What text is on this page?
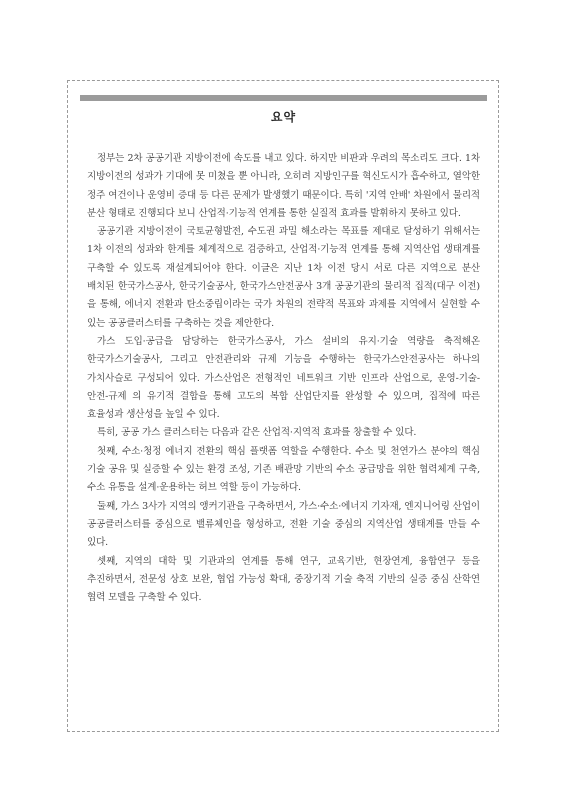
요약

정부는 2차 공공기관 지방이전에 속도를 내고 있다. 하지만 비판과 우려의 목소리도 크다. 1차 지방이전의 성과가 기대에 못 미쳤을 뿐 아니라, 오히려 지방인구를 혁신도시가 흡수하고, 열악한 정주 여건이나 운영비 증대 등 다른 문제가 발생했기 때문이다. 특히 '지역 안배' 차원에서 물리적 분산 형태로 진행되다 보니 산업적·기능적 연계를 통한 실질적 효과를 발휘하지 못하고 있다.

공공기관 지방이전이 국토균형발전, 수도권 과밀 해소라는 목표를 제대로 달성하기 위해서는 1차 이전의 성과와 한계를 체계적으로 검증하고, 산업적·기능적 연계를 통해 지역산업 생태계를 구축할 수 있도록 재설계되어야 한다. 이글은 지난 1차 이전 당시 서로 다른 지역으로 분산 배치된 한국가스공사, 한국기술공사, 한국가스안전공사 3개 공공기관의 물리적 집적(대구 이전)을 통해, 에너지 전환과 탄소중립이라는 국가 차원의 전략적 목표와 과제를 지역에서 실현할 수 있는 공공클러스터를 구축하는 것을 제안한다.

가스 도입·공급을 담당하는 한국가스공사, 가스 설비의 유지·기술 역량을 축적해온 한국가스기술공사, 그리고 안전관리와 규제 기능을 수행하는 한국가스안전공사는 하나의 가치사슬로 구성되어 있다. 가스산업은 전형적인 네트워크 기반 인프라 산업으로, 운영-기술-안전-규제 의 유기적 결합을 통해 고도의 복합 산업단지를 완성할 수 있으며, 집적에 따른 효율성과 생산성을 높일 수 있다.

특히, 공공 가스 클러스터는 다음과 같은 산업적·지역적 효과를 창출할 수 있다.

첫째, 수소·청정 에너지 전환의 핵심 플랫폼 역할을 수행한다. 수소 및 천연가스 분야의 핵심 기술 공유 및 실증할 수 있는 환경 조성, 기존 배관망 기반의 수소 공급망을 위한 협력체계 구축, 수소 유통을 설계·운용하는 허브 역할 등이 가능하다.

둘째, 가스 3사가 지역의 앵커기관을 구축하면서, 가스·수소·에너지 기자재, 엔지니어링 산업이 공공클러스터를 중심으로 밸류체인을 형성하고, 전환 기술 중심의 지역산업 생태계를 만들 수 있다.

셋째, 지역의 대학 및 기관과의 연계를 통해 연구, 교육기반, 현장연계, 융합연구 등을 추진하면서, 전문성 상호 보완, 협업 가능성 확대, 중장기적 기술 축적 기반의 실증 중심 산학연 협력 모델을 구축할 수 있다.
